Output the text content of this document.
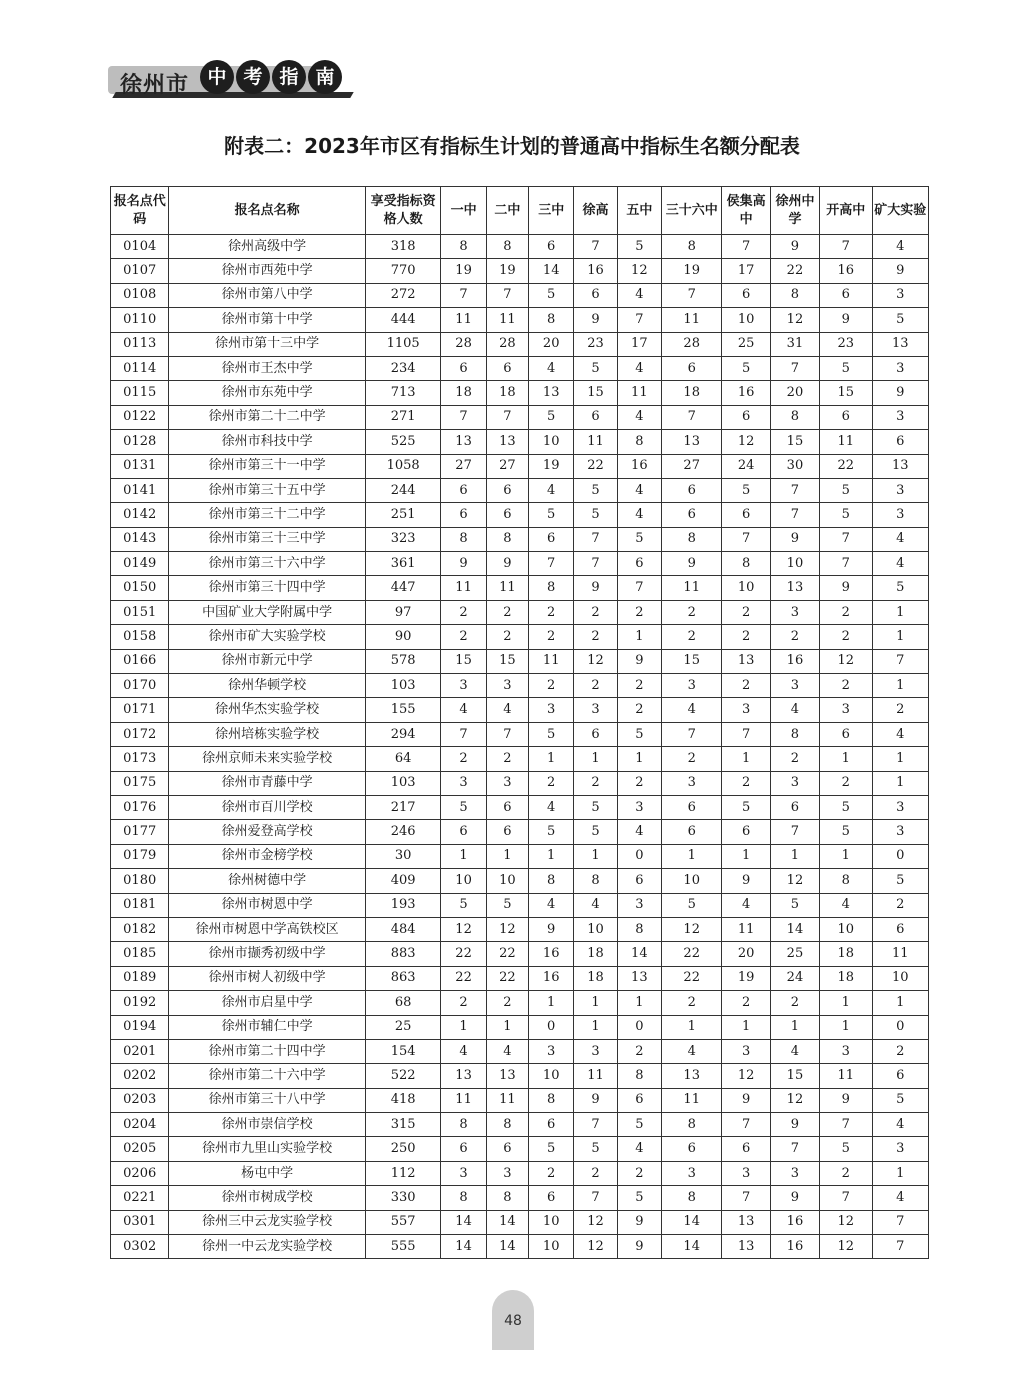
徐州市 中 考 指 南
附表二：2023年市区有指标生计划的普通高中指标生名额分配表
报名点代码	报名点名称	享受指标资格人数	一中	二中	三中	徐高	五中	三十六中	侯集高中	徐州中学	开高中	矿大实验
0104	徐州高级中学	318	8	8	6	7	5	8	7	9	7	4
0107	徐州市西苑中学	770	19	19	14	16	12	19	17	22	16	9
0108	徐州市第八中学	272	7	7	5	6	4	7	6	8	6	3
0110	徐州市第十中学	444	11	11	8	9	7	11	10	12	9	5
0113	徐州市第十三中学	1105	28	28	20	23	17	28	25	31	23	13
0114	徐州市王杰中学	234	6	6	4	5	4	6	5	7	5	3
0115	徐州市东苑中学	713	18	18	13	15	11	18	16	20	15	9
0122	徐州市第二十二中学	271	7	7	5	6	4	7	6	8	6	3
0128	徐州市科技中学	525	13	13	10	11	8	13	12	15	11	6
0131	徐州市第三十一中学	1058	27	27	19	22	16	27	24	30	22	13
0141	徐州市第三十五中学	244	6	6	4	5	4	6	5	7	5	3
0142	徐州市第三十二中学	251	6	6	5	5	4	6	6	7	5	3
0143	徐州市第三十三中学	323	8	8	6	7	5	8	7	9	7	4
0149	徐州市第三十六中学	361	9	9	7	7	6	9	8	10	7	4
0150	徐州市第三十四中学	447	11	11	8	9	7	11	10	13	9	5
0151	中国矿业大学附属中学	97	2	2	2	2	2	2	2	3	2	1
0158	徐州市矿大实验学校	90	2	2	2	2	1	2	2	2	2	1
0166	徐州市新元中学	578	15	15	11	12	9	15	13	16	12	7
0170	徐州华顿学校	103	3	3	2	2	2	3	2	3	2	1
0171	徐州华杰实验学校	155	4	4	3	3	2	4	3	4	3	2
0172	徐州培栋实验学校	294	7	7	5	6	5	7	7	8	6	4
0173	徐州京师未来实验学校	64	2	2	1	1	1	2	1	2	1	1
0175	徐州市青藤中学	103	3	3	2	2	2	3	2	3	2	1
0176	徐州市百川学校	217	5	6	4	5	3	6	5	6	5	3
0177	徐州爱登高学校	246	6	6	5	5	4	6	6	7	5	3
0179	徐州市金榜学校	30	1	1	1	1	0	1	1	1	1	0
0180	徐州树德中学	409	10	10	8	8	6	10	9	12	8	5
0181	徐州市树恩中学	193	5	5	4	4	3	5	4	5	4	2
0182	徐州市树恩中学高铁校区	484	12	12	9	10	8	12	11	14	10	6
0185	徐州市撷秀初级中学	883	22	22	16	18	14	22	20	25	18	11
0189	徐州市树人初级中学	863	22	22	16	18	13	22	19	24	18	10
0192	徐州市启星中学	68	2	2	1	1	1	2	2	2	1	1
0194	徐州市辅仁中学	25	1	1	0	1	0	1	1	1	1	0
0201	徐州市第二十四中学	154	4	4	3	3	2	4	3	4	3	2
0202	徐州市第二十六中学	522	13	13	10	11	8	13	12	15	11	6
0203	徐州市第三十八中学	418	11	11	8	9	6	11	9	12	9	5
0204	徐州市崇信学校	315	8	8	6	7	5	8	7	9	7	4
0205	徐州市九里山实验学校	250	6	6	5	5	4	6	6	7	5	3
0206	杨屯中学	112	3	3	2	2	2	3	3	3	2	1
0221	徐州市树成学校	330	8	8	6	7	5	8	7	9	7	4
0301	徐州三中云龙实验学校	557	14	14	10	12	9	14	13	16	12	7
0302	徐州一中云龙实验学校	555	14	14	10	12	9	14	13	16	12	7
48
